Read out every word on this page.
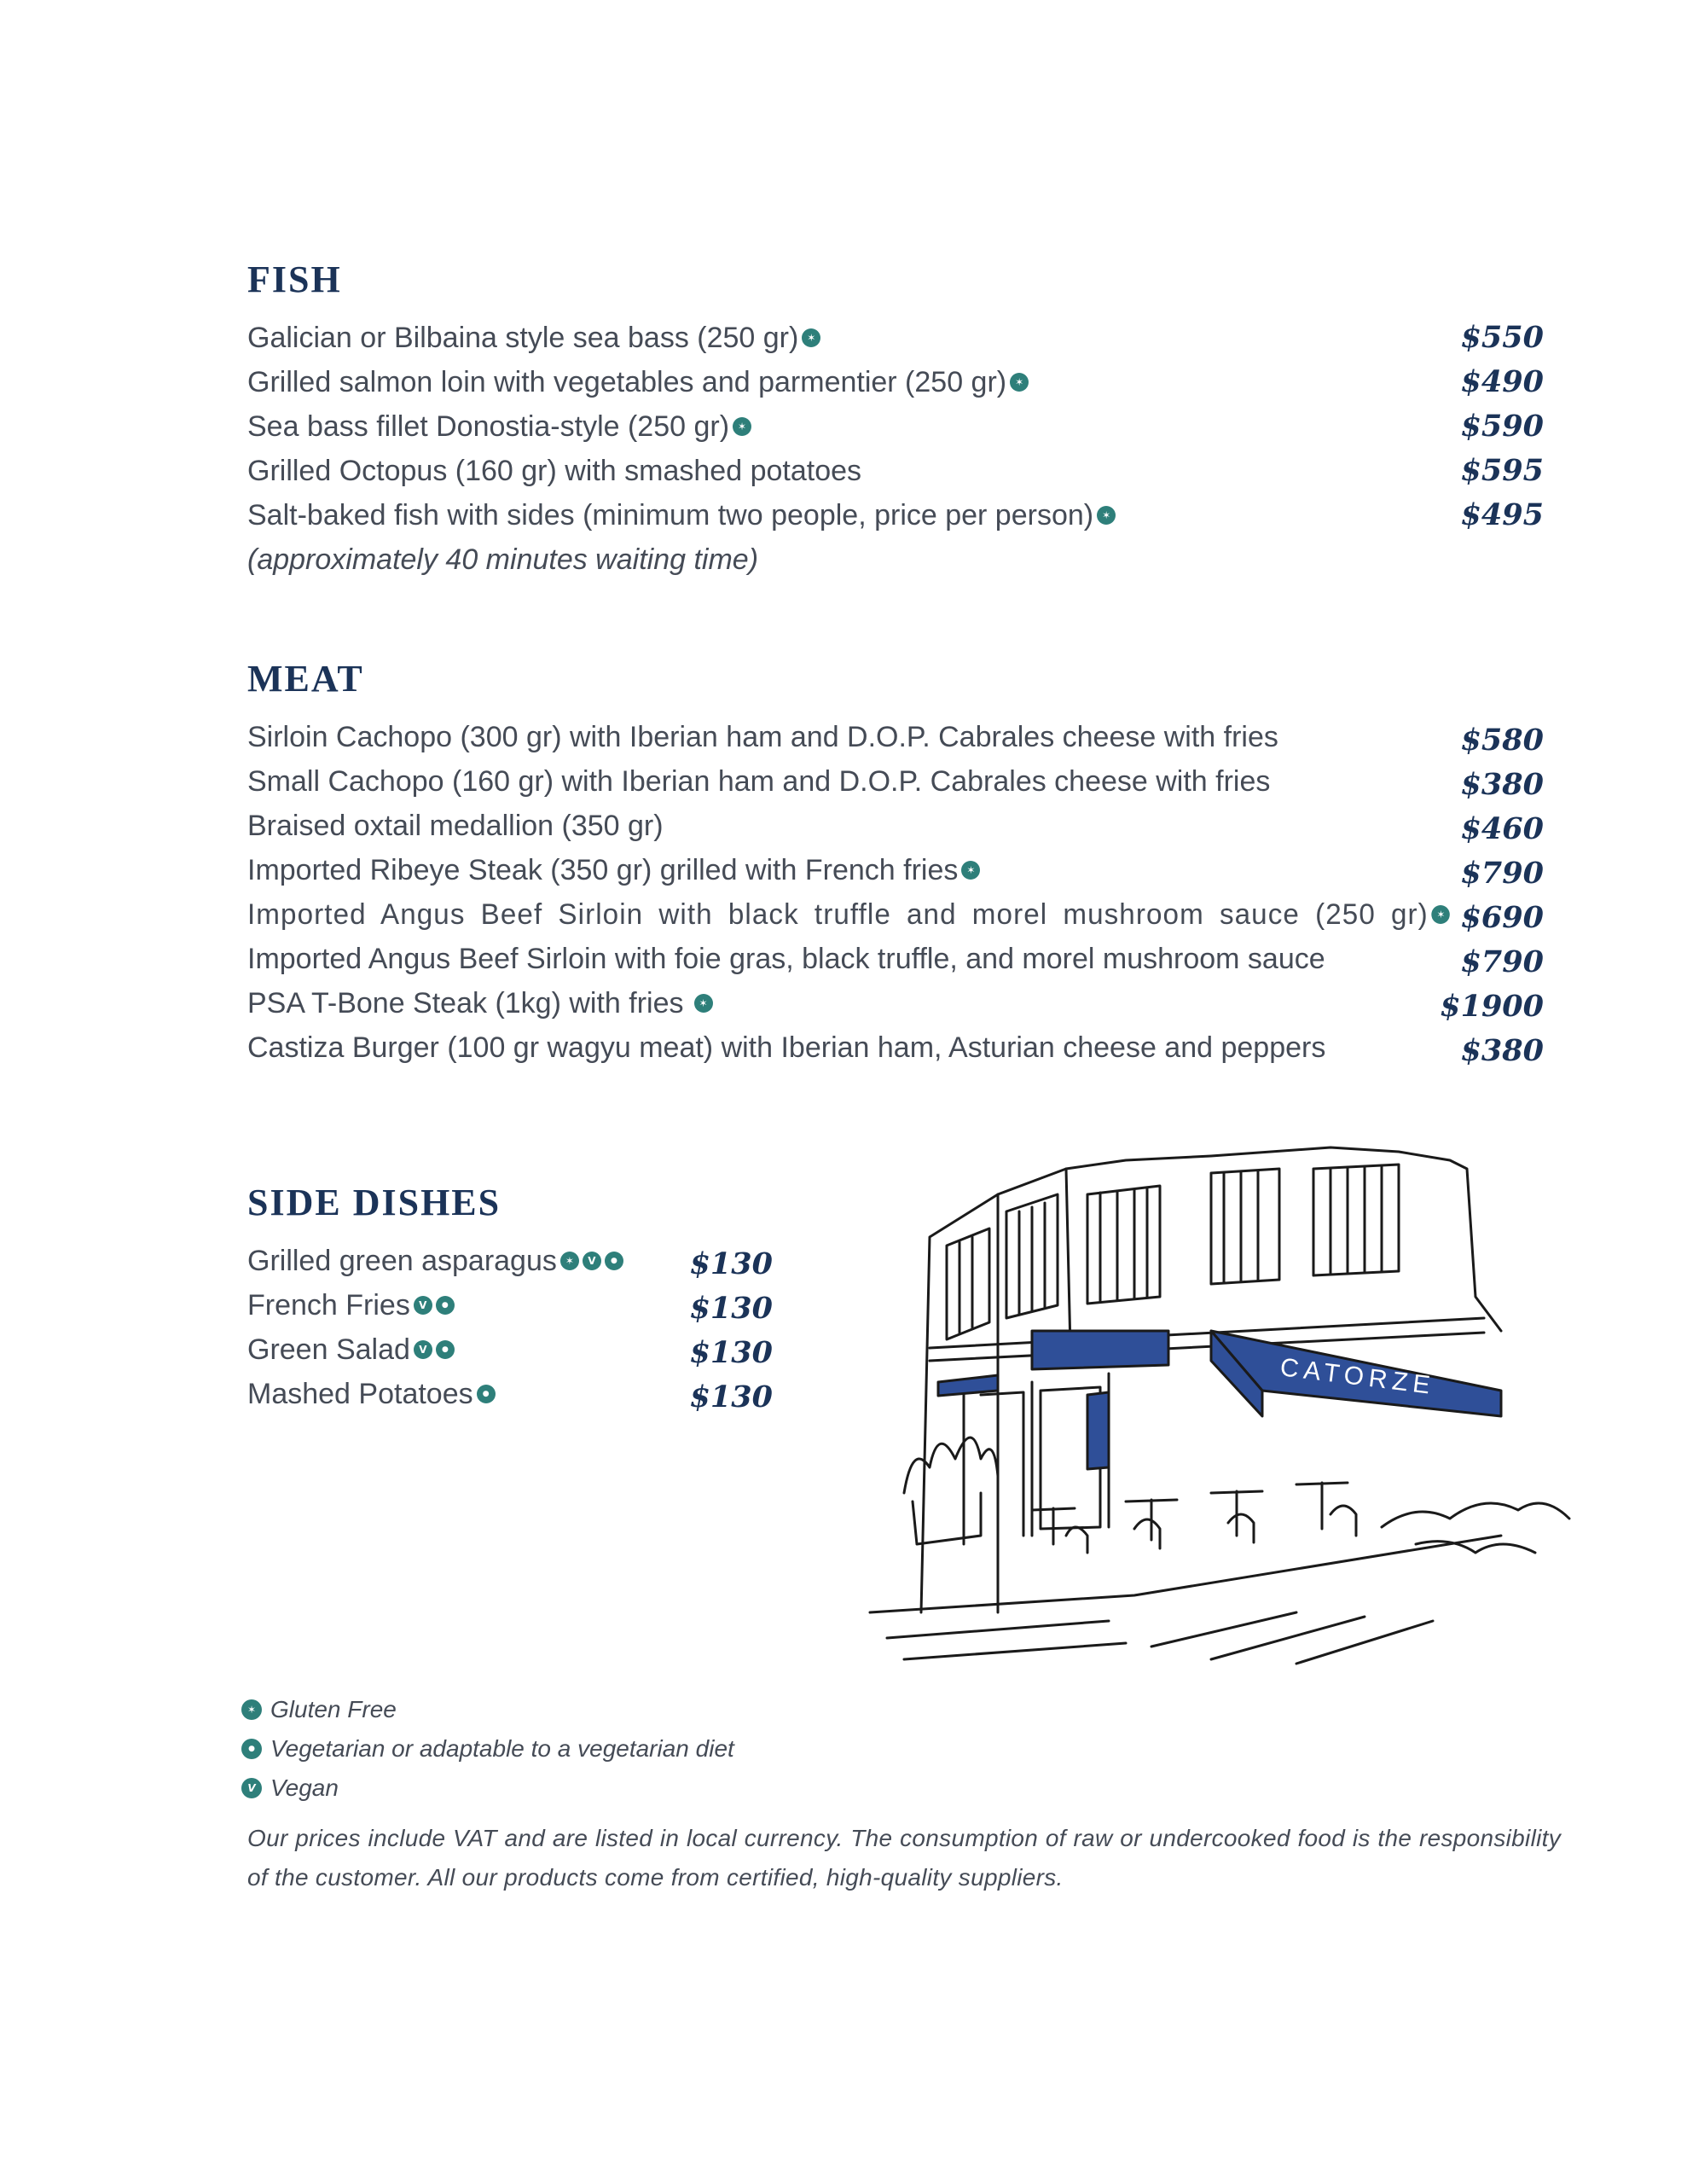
FISH
Galician or Bilbaina style sea bass (250 gr) ✶	$550
Grilled salmon loin with vegetables and parmentier (250 gr) ✶	$490
Sea bass fillet Donostia-style (250 gr) ✶	$590
Grilled Octopus (160 gr) with smashed potatoes	$595
Salt-baked fish with sides (minimum two people, price per person) ✶	$495
(approximately 40 minutes waiting time)
MEAT
Sirloin Cachopo (300 gr) with Iberian ham and D.O.P. Cabrales cheese with fries	$580
Small Cachopo (160 gr) with Iberian ham and D.O.P. Cabrales cheese with fries	$380
Braised oxtail medallion (350 gr)	$460
Imported Ribeye Steak (350 gr) grilled with French fries ✶	$790
Imported Angus Beef Sirloin with black truffle and morel mushroom sauce (250 gr) ✶ $690
Imported Angus Beef Sirloin with foie gras, black truffle, and morel mushroom sauce	$790
PSA T-Bone Steak (1kg) with fries ✶	$1900
Castiza Burger (100 gr wagyu meat) with Iberian ham, Asturian cheese and peppers	$380
SIDE DISHES
Grilled green asparagus ✶ V ●	$130
French Fries V ●	$130
Green Salad V ●	$130
Mashed Potatoes ●	$130	CATORZE
✶
Gluten Free
●
Vegetarian or adaptable to a vegetarian diet
V
Vegan
Our prices include VAT and are listed in local currency. The consumption of raw or undercooked food is the responsibility of the customer. All our products come from certified, high-quality suppliers.
